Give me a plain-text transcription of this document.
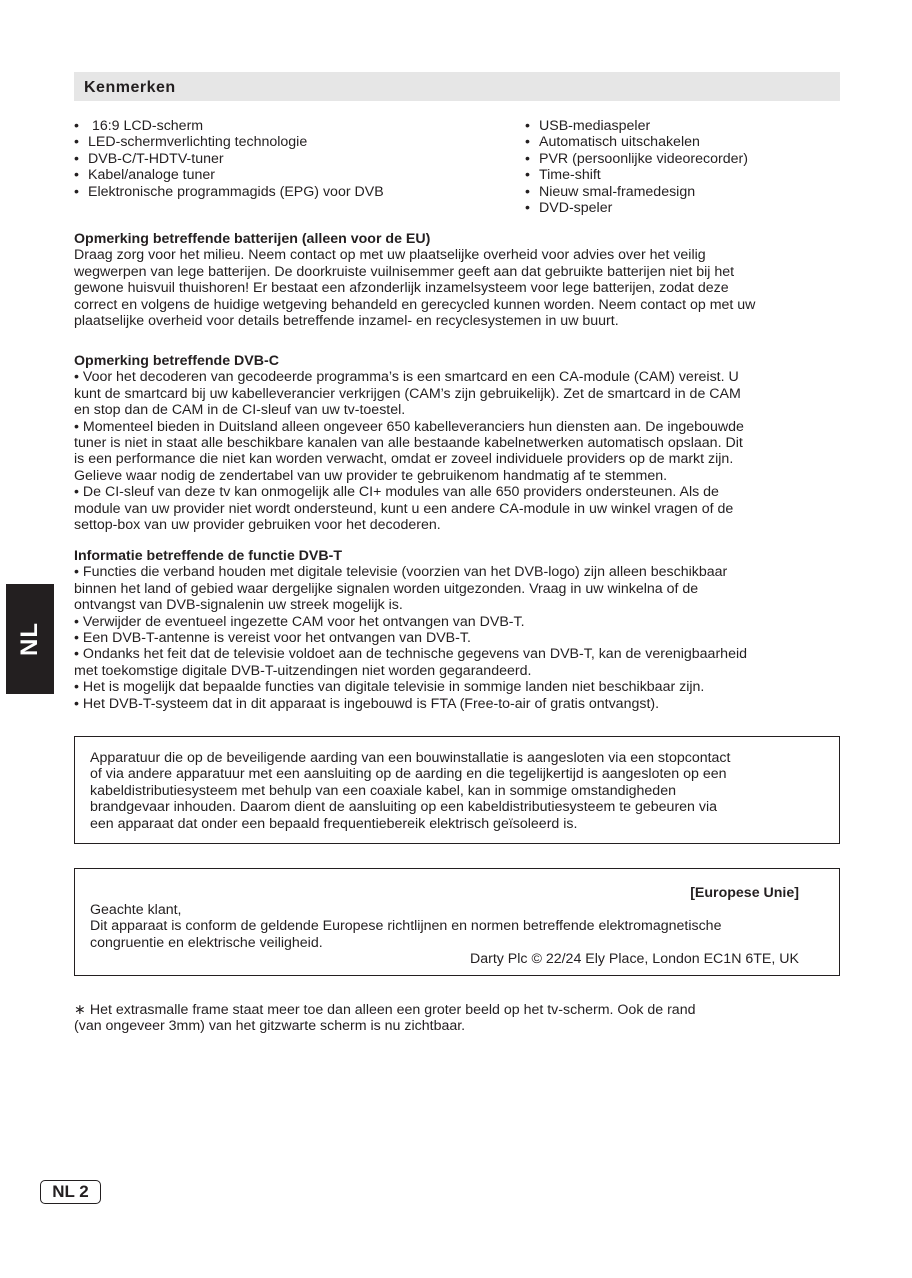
Kenmerken
• 16:9 LCD-scherm
• LED-schermverlichting technologie
• DVB-C/T-HDTV-tuner
• Kabel/analoge tuner
• Elektronische programmagids (EPG) voor DVB
• USB-mediaspeler
• Automatisch uitschakelen
• PVR (persoonlijke videorecorder)
• Time-shift
• Nieuw smal-framedesign
• DVD-speler
Opmerking betreffende batterijen (alleen voor de EU)

Draag zorg voor het milieu. Neem contact op met uw plaatselijke overheid voor advies over het veilig

wegwerpen van lege batterijen. De doorkruiste vuilnisemmer geeft aan dat gebruikte batterijen niet bij het

gewone huisvuil thuishoren! Er bestaat een afzonderlijk inzamelsysteem voor lege batterijen, zodat deze

correct en volgens de huidige wetgeving behandeld en gerecycled kunnen worden. Neem contact op met uw

plaatselijke overheid voor details betreffende inzamel- en recyclesystemen in uw buurt.

Opmerking betreffende DVB-C

• Voor het decoderen van gecodeerde programma’s is een smartcard en een CA-module (CAM) vereist. U

kunt de smartcard bij uw kabelleverancier verkrijgen (CAM’s zijn gebruikelijk). Zet de smartcard in de CAM

en stop dan de CAM in de CI-sleuf van uw tv-toestel.

• Momenteel bieden in Duitsland alleen ongeveer 650 kabelleveranciers hun diensten aan. De ingebouwde

tuner is niet in staat alle beschikbare kanalen van alle bestaande kabelnetwerken automatisch opslaan. Dit

is een performance die niet kan worden verwacht, omdat er zoveel individuele providers op de markt zijn.

Gelieve waar nodig de zendertabel van uw provider te gebruikenom handmatig af te stemmen.

• De CI-sleuf van deze tv kan onmogelijk alle CI+ modules van alle 650 providers ondersteunen. Als de

module van uw provider niet wordt ondersteund, kunt u een andere CA-module in uw winkel vragen of de

settop-box van uw provider gebruiken voor het decoderen.

Informatie betreffende de functie DVB-T

• Functies die verband houden met digitale televisie (voorzien van het DVB-logo) zijn alleen beschikbaar

binnen het land of gebied waar dergelijke signalen worden uitgezonden. Vraag in uw winkelna of de

ontvangst van DVB-signalenin uw streek mogelijk is.

• Verwijder de eventueel ingezette CAM voor het ontvangen van DVB-T.

• Een DVB-T-antenne is vereist voor het ontvangen van DVB-T.

• Ondanks het feit dat de televisie voldoet aan de technische gegevens van DVB-T, kan de verenigbaarheid

met toekomstige digitale DVB-T-uitzendingen niet worden gegarandeerd.

• Het is mogelijk dat bepaalde functies van digitale televisie in sommige landen niet beschikbaar zijn.

• Het DVB-T-systeem dat in dit apparaat is ingebouwd is FTA (Free-to-air of gratis ontvangst).

Apparatuur die op de beveiligende aarding van een bouwinstallatie is aangesloten via een stopcontact

of via andere apparatuur met een aansluiting op de aarding en die tegelijkertijd is aangesloten op een

kabeldistributiesysteem met behulp van een coaxiale kabel, kan in sommige omstandigheden

brandgevaar inhouden. Daarom dient de aansluiting op een kabeldistributiesysteem te gebeuren via

een apparaat dat onder een bepaald frequentiebereik elektrisch geïsoleerd is.

[Europese Unie]

Geachte klant,

Dit apparaat is conform de geldende Europese richtlijnen en normen betreffende elektromagnetische

congruentie en elektrische veiligheid.

Darty Plc © 22/24 Ely Place, London EC1N 6TE, UK

∗ Het extrasmalle frame staat meer toe dan alleen een groter beeld op het tv-scherm. Ook de rand

(van ongeveer 3mm) van het gitzwarte scherm is nu zichtbaar.

NL
NL 2
